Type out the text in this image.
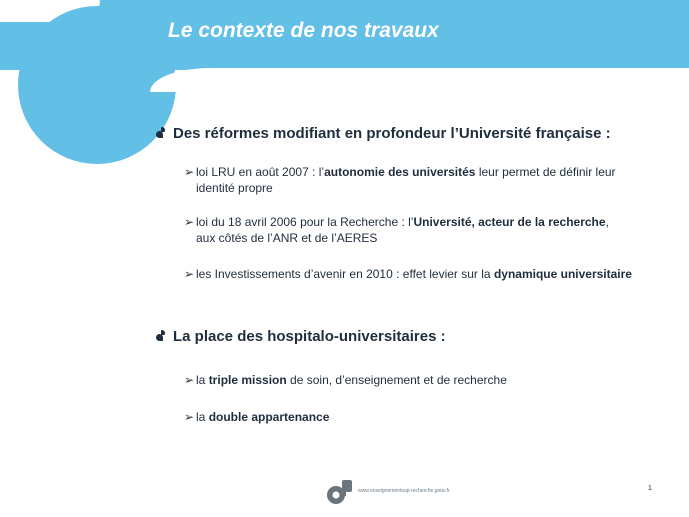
Le contexte de nos travaux
Des réformes modifiant en profondeur l’Université française :
➢ loi LRU en août 2007 : l’autonomie des universités leur permet de définir leur
identité propre
➢ loi du 18 avril 2006 pour la Recherche : l’Université, acteur de la recherche,
aux côtés de l’ANR et de l’AERES
➢ les Investissements d’avenir en 2010 : effet levier sur la dynamique universitaire
La place des hospitalo-universitaires :
➢ la triple mission de soin, d’enseignement et de recherche
➢ la double appartenance
www.enseignementsup-recherche.gouv.fr	1
